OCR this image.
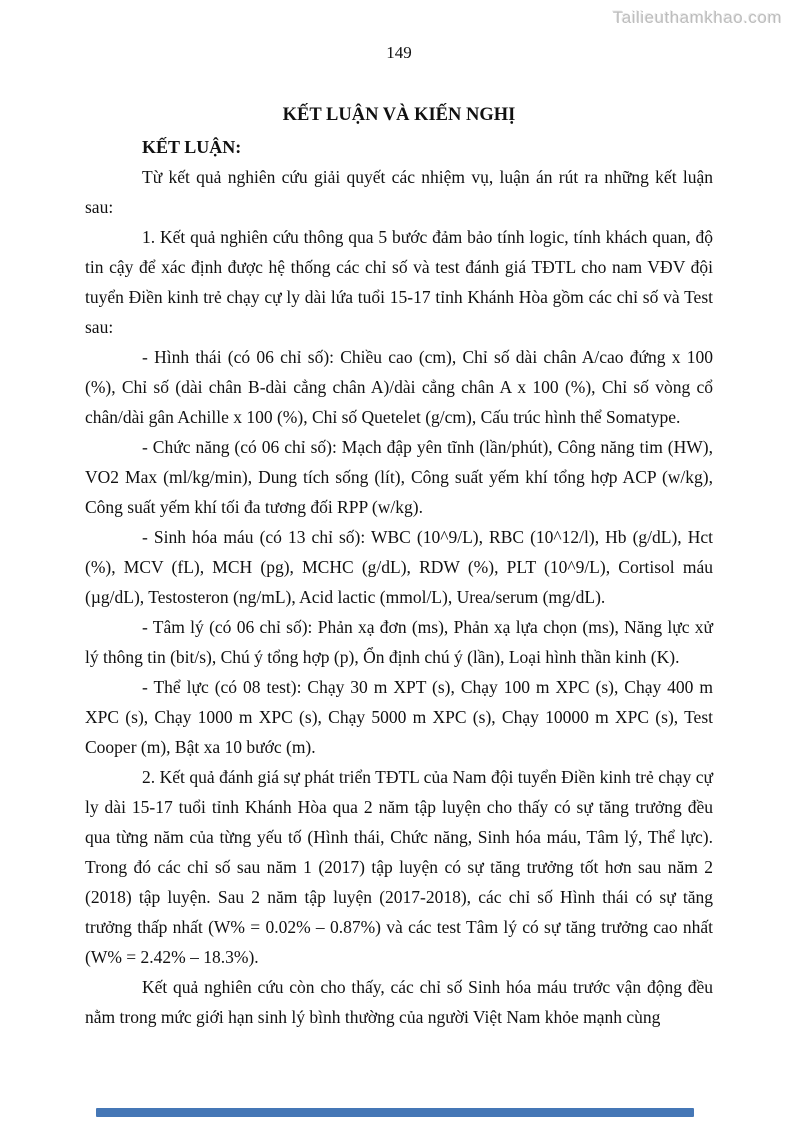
Tailieuthamkhao.com
149
KẾT LUẬN VÀ KIẾN NGHỊ
KẾT LUẬN:

Từ kết quả nghiên cứu giải quyết các nhiệm vụ, luận án rút ra những kết luận sau:

1. Kết quả nghiên cứu thông qua 5 bước đảm bảo tính logic, tính khách quan, độ tin cậy để xác định được hệ thống các chỉ số và test đánh giá TĐTL cho nam VĐV đội tuyển Điền kinh trẻ chạy cự ly dài lứa tuổi 15-17 tỉnh Khánh Hòa gồm các chỉ số và Test sau:

- Hình thái (có 06 chỉ số): Chiều cao (cm), Chỉ số dài chân A/cao đứng x 100 (%), Chỉ số (dài chân B-dài cẳng chân A)/dài cẳng chân A x 100 (%), Chỉ số vòng cổ chân/dài gân Achille x 100 (%), Chỉ số Quetelet (g/cm), Cấu trúc hình thể Somatype.

- Chức năng (có 06 chỉ số): Mạch đập yên tĩnh (lần/phút), Công năng tim (HW), VO2 Max (ml/kg/min), Dung tích sống (lít), Công suất yếm khí tổng hợp ACP (w/kg), Công suất yếm khí tối đa tương đối RPP (w/kg).

- Sinh hóa máu (có 13 chỉ số): WBC (10^9/L), RBC (10^12/l), Hb (g/dL), Hct (%), MCV (fL), MCH (pg), MCHC (g/dL), RDW (%), PLT (10^9/L), Cortisol máu (µg/dL), Testosteron (ng/mL), Acid lactic (mmol/L), Urea/serum (mg/dL).

- Tâm lý (có 06 chỉ số): Phản xạ đơn (ms), Phản xạ lựa chọn (ms), Năng lực xử lý thông tin (bit/s), Chú ý tổng hợp (p), Ổn định chú ý (lần), Loại hình thần kinh (K).

- Thể lực (có 08 test): Chạy 30 m XPT (s), Chạy 100 m XPC (s), Chạy 400 m XPC (s), Chạy 1000 m XPC (s), Chạy 5000 m XPC (s), Chạy 10000 m XPC (s), Test Cooper (m), Bật xa 10 bước (m).

2. Kết quả đánh giá sự phát triển TĐTL của Nam đội tuyển Điền kinh trẻ chạy cự ly dài 15-17 tuổi tỉnh Khánh Hòa qua 2 năm tập luyện cho thấy có sự tăng trưởng đều qua từng năm của từng yếu tố (Hình thái, Chức năng, Sinh hóa máu, Tâm lý, Thể lực). Trong đó các chỉ số sau năm 1 (2017) tập luyện có sự tăng trưởng tốt hơn sau năm 2 (2018) tập luyện. Sau 2 năm tập luyện (2017-2018), các chỉ số Hình thái có sự tăng trưởng thấp nhất (W% = 0.02% – 0.87%) và các test Tâm lý có sự tăng trưởng cao nhất (W% = 2.42% – 18.3%).

Kết quả nghiên cứu còn cho thấy, các chỉ số Sinh hóa máu trước vận động đều nằm trong mức giới hạn sinh lý bình thường của người Việt Nam khỏe mạnh cùng
